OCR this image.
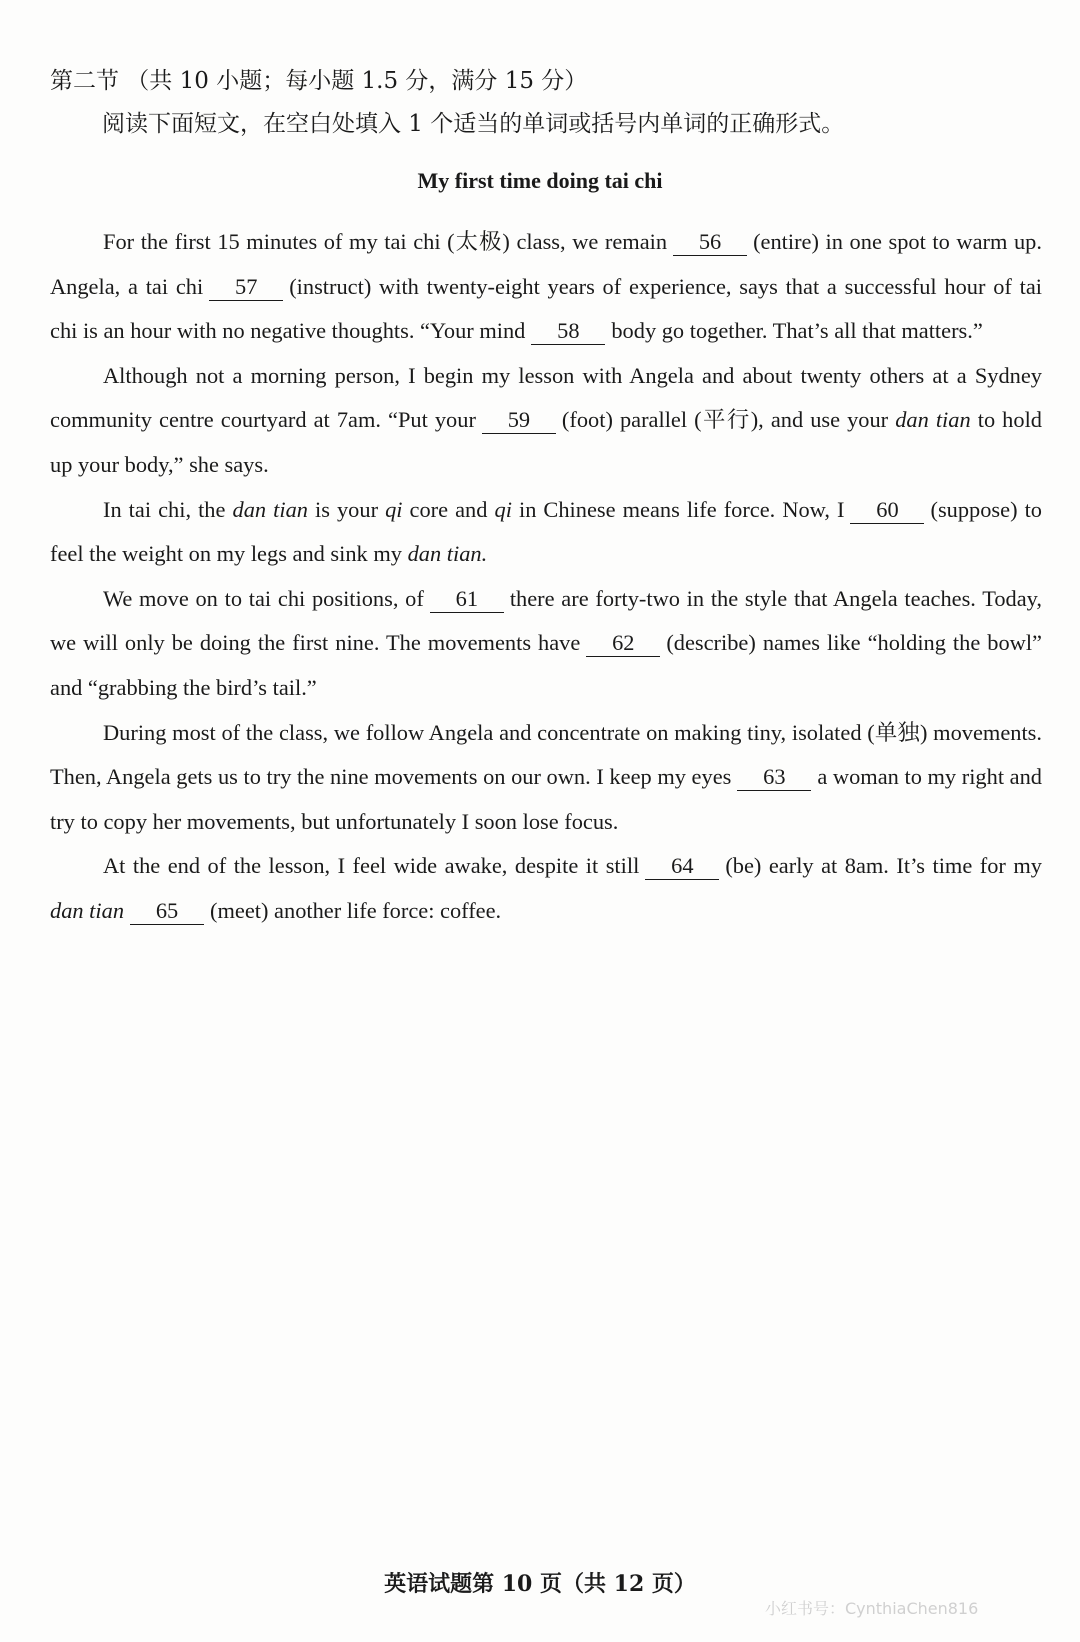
第二节 （共 10 小题；每小题 1.5 分，满分 15 分）
阅读下面短文，在空白处填入 1 个适当的单词或括号内单词的正确形式。
My first time doing tai chi

For the first 15 minutes of my tai chi (太极) class, we remain 56 (entire) in one spot to warm up. Angela, a tai chi 57 (instruct) with twenty-eight years of experience, says that a successful hour of tai chi is an hour with no negative thoughts. “Your mind 58 body go together. That’s all that matters.”

Although not a morning person, I begin my lesson with Angela and about twenty others at a Sydney community centre courtyard at 7am. “Put your 59 (foot) parallel (平行), and use your dan tian to hold up your body,” she says.

In tai chi, the dan tian is your qi core and qi in Chinese means life force. Now, I 60 (suppose) to feel the weight on my legs and sink my dan tian.

We move on to tai chi positions, of 61 there are forty-two in the style that Angela teaches. Today, we will only be doing the first nine. The movements have 62 (describe) names like “holding the bowl” and “grabbing the bird’s tail.”

During most of the class, we follow Angela and concentrate on making tiny, isolated (单独) movements. Then, Angela gets us to try the nine movements on our own. I keep my eyes 63 a woman to my right and try to copy her movements, but unfortunately I soon lose focus.

At the end of the lesson, I feel wide awake, despite it still 64 (be) early at 8am. It’s time for my dan tian 65 (meet) another life force: coffee.

英语试题第 10 页（共 12 页）
小红书号：CynthiaChen816
